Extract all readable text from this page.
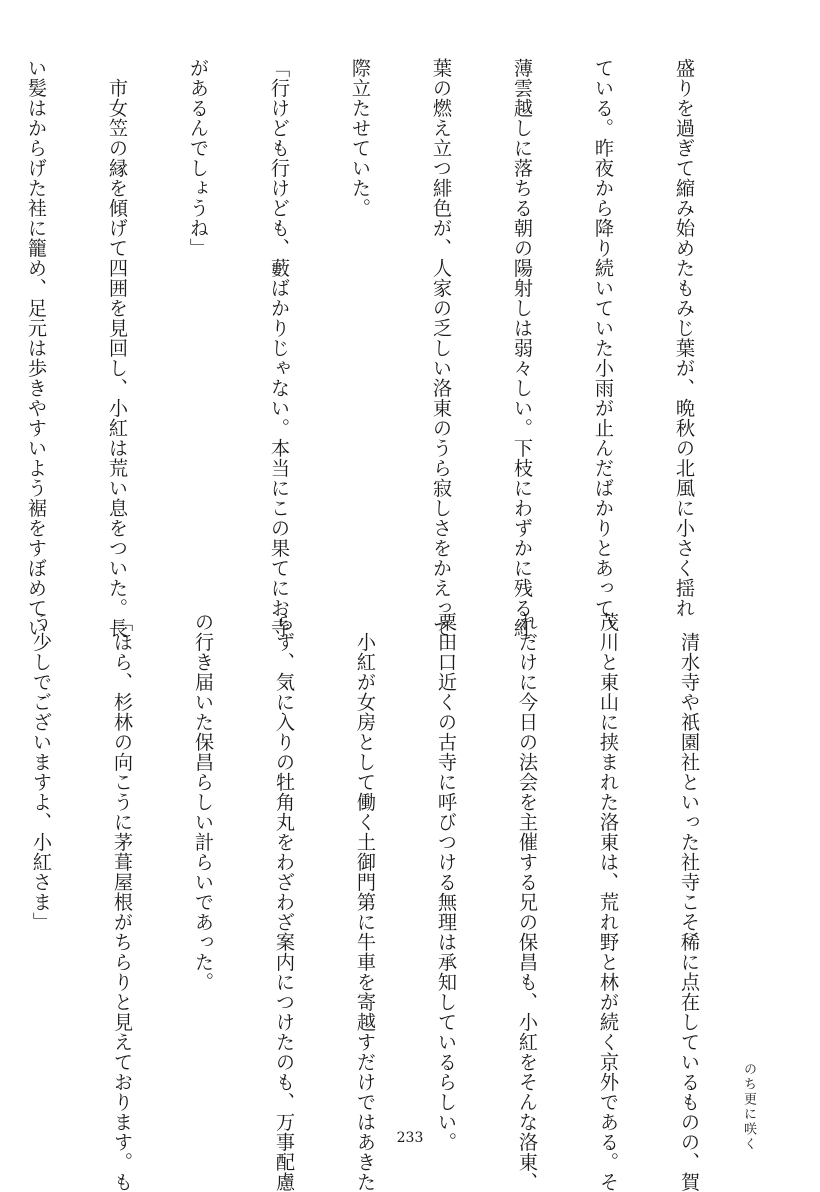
盛りを過ぎて縮み始めたもみじ葉が、晩秋の北風に小さく揺れ

ている。昨夜から降り続いていた小雨が止んだばかりとあって、

薄雲越しに落ちる朝の陽射しは弱々しい。下枝にわずかに残る紅

葉の燃え立つ緋色が、人家の乏しい洛東のうら寂しさをかえって

際立たせていた。

「行けども行けども、藪ばかりじゃない。本当にこの果てにお寺

があるんでしょうね」

　市女笠の縁を傾げて四囲を見回し、小紅は荒い息をついた。長

い髪はからげた袿に籠め、足元は歩きやすいよう裾をすぼめてい

　清水寺や祇園社といった社寺こそ稀に点在しているものの、賀

茂川と東山に挟まれた洛東は、荒れ野と林が続く京外である。そ

れだけに今日の法会を主催する兄の保昌も、小紅をそんな洛東、

粟田口近くの古寺に呼びつける無理は承知しているらしい。

　小紅が女房として働く土御門第に牛車を寄越すだけではあきた

らず、気に入りの牡角丸をわざわざ案内につけたのも、万事配慮

の行き届いた保昌らしい計らいであった。

「ほら、杉林の向こうに茅葺屋根がちらりと見えております。も

う少しでございますよ、小紅さま」

のち更に咲く
233
